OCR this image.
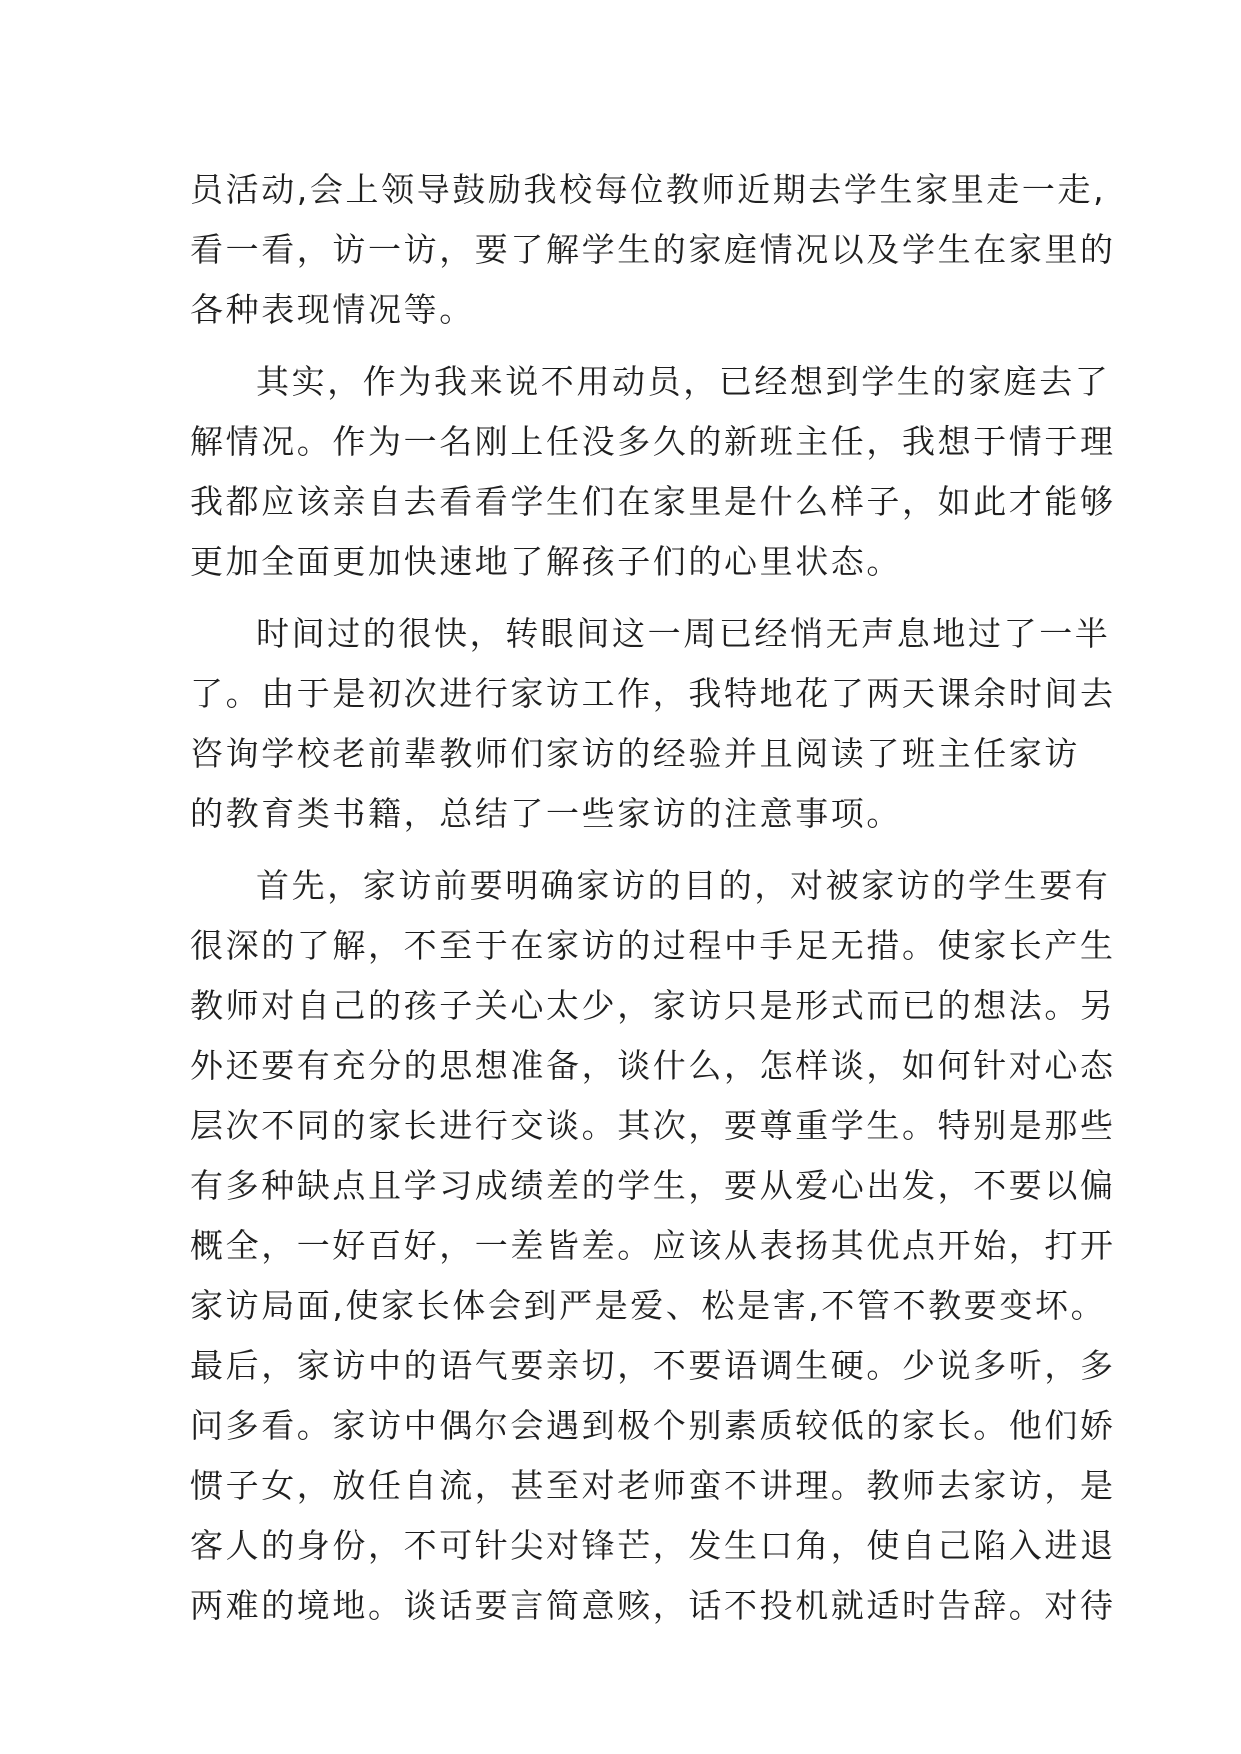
员活动,会上领导鼓励我校每位教师近期去学生家里走一走,
看一看，访一访，要了解学生的家庭情况以及学生在家里的
各种表现情况等。
其实，作为我来说不用动员，已经想到学生的家庭去了
解情况。作为一名刚上任没多久的新班主任，我想于情于理
我都应该亲自去看看学生们在家里是什么样子，如此才能够
更加全面更加快速地了解孩子们的心里状态。
时间过的很快，转眼间这一周已经悄无声息地过了一半
了。由于是初次进行家访工作，我特地花了两天课余时间去
咨询学校老前辈教师们家访的经验并且阅读了班主任家访
的教育类书籍，总结了一些家访的注意事项。
首先，家访前要明确家访的目的，对被家访的学生要有
很深的了解，不至于在家访的过程中手足无措。使家长产生
教师对自己的孩子关心太少，家访只是形式而已的想法。另
外还要有充分的思想准备，谈什么，怎样谈，如何针对心态
层次不同的家长进行交谈。其次，要尊重学生。特别是那些
有多种缺点且学习成绩差的学生，要从爱心出发，不要以偏
概全，一好百好，一差皆差。应该从表扬其优点开始，打开
家访局面,使家长体会到严是爱、松是害,不管不教要变坏。
最后，家访中的语气要亲切，不要语调生硬。少说多听，多
问多看。家访中偶尔会遇到极个别素质较低的家长。他们娇
惯子女，放任自流，甚至对老师蛮不讲理。教师去家访，是
客人的身份，不可针尖对锋芒，发生口角，使自己陷入进退
两难的境地。谈话要言简意赅，话不投机就适时告辞。对待
